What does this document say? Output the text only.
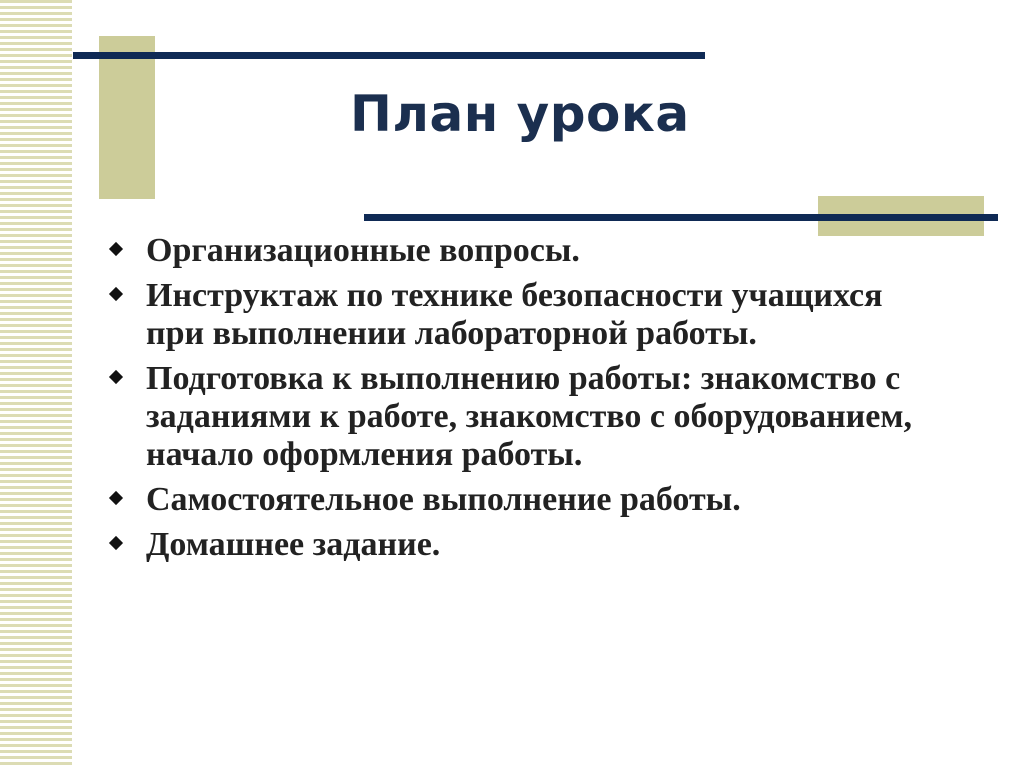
План урока
Организационные вопросы.
Инструктаж по технике безопасности учащихся при выполнении лабораторной работы.
Подготовка к выполнению работы: знакомство с заданиями к работе, знакомство с оборудованием, начало оформления работы.
Самостоятельное выполнение работы.
Домашнее задание.
